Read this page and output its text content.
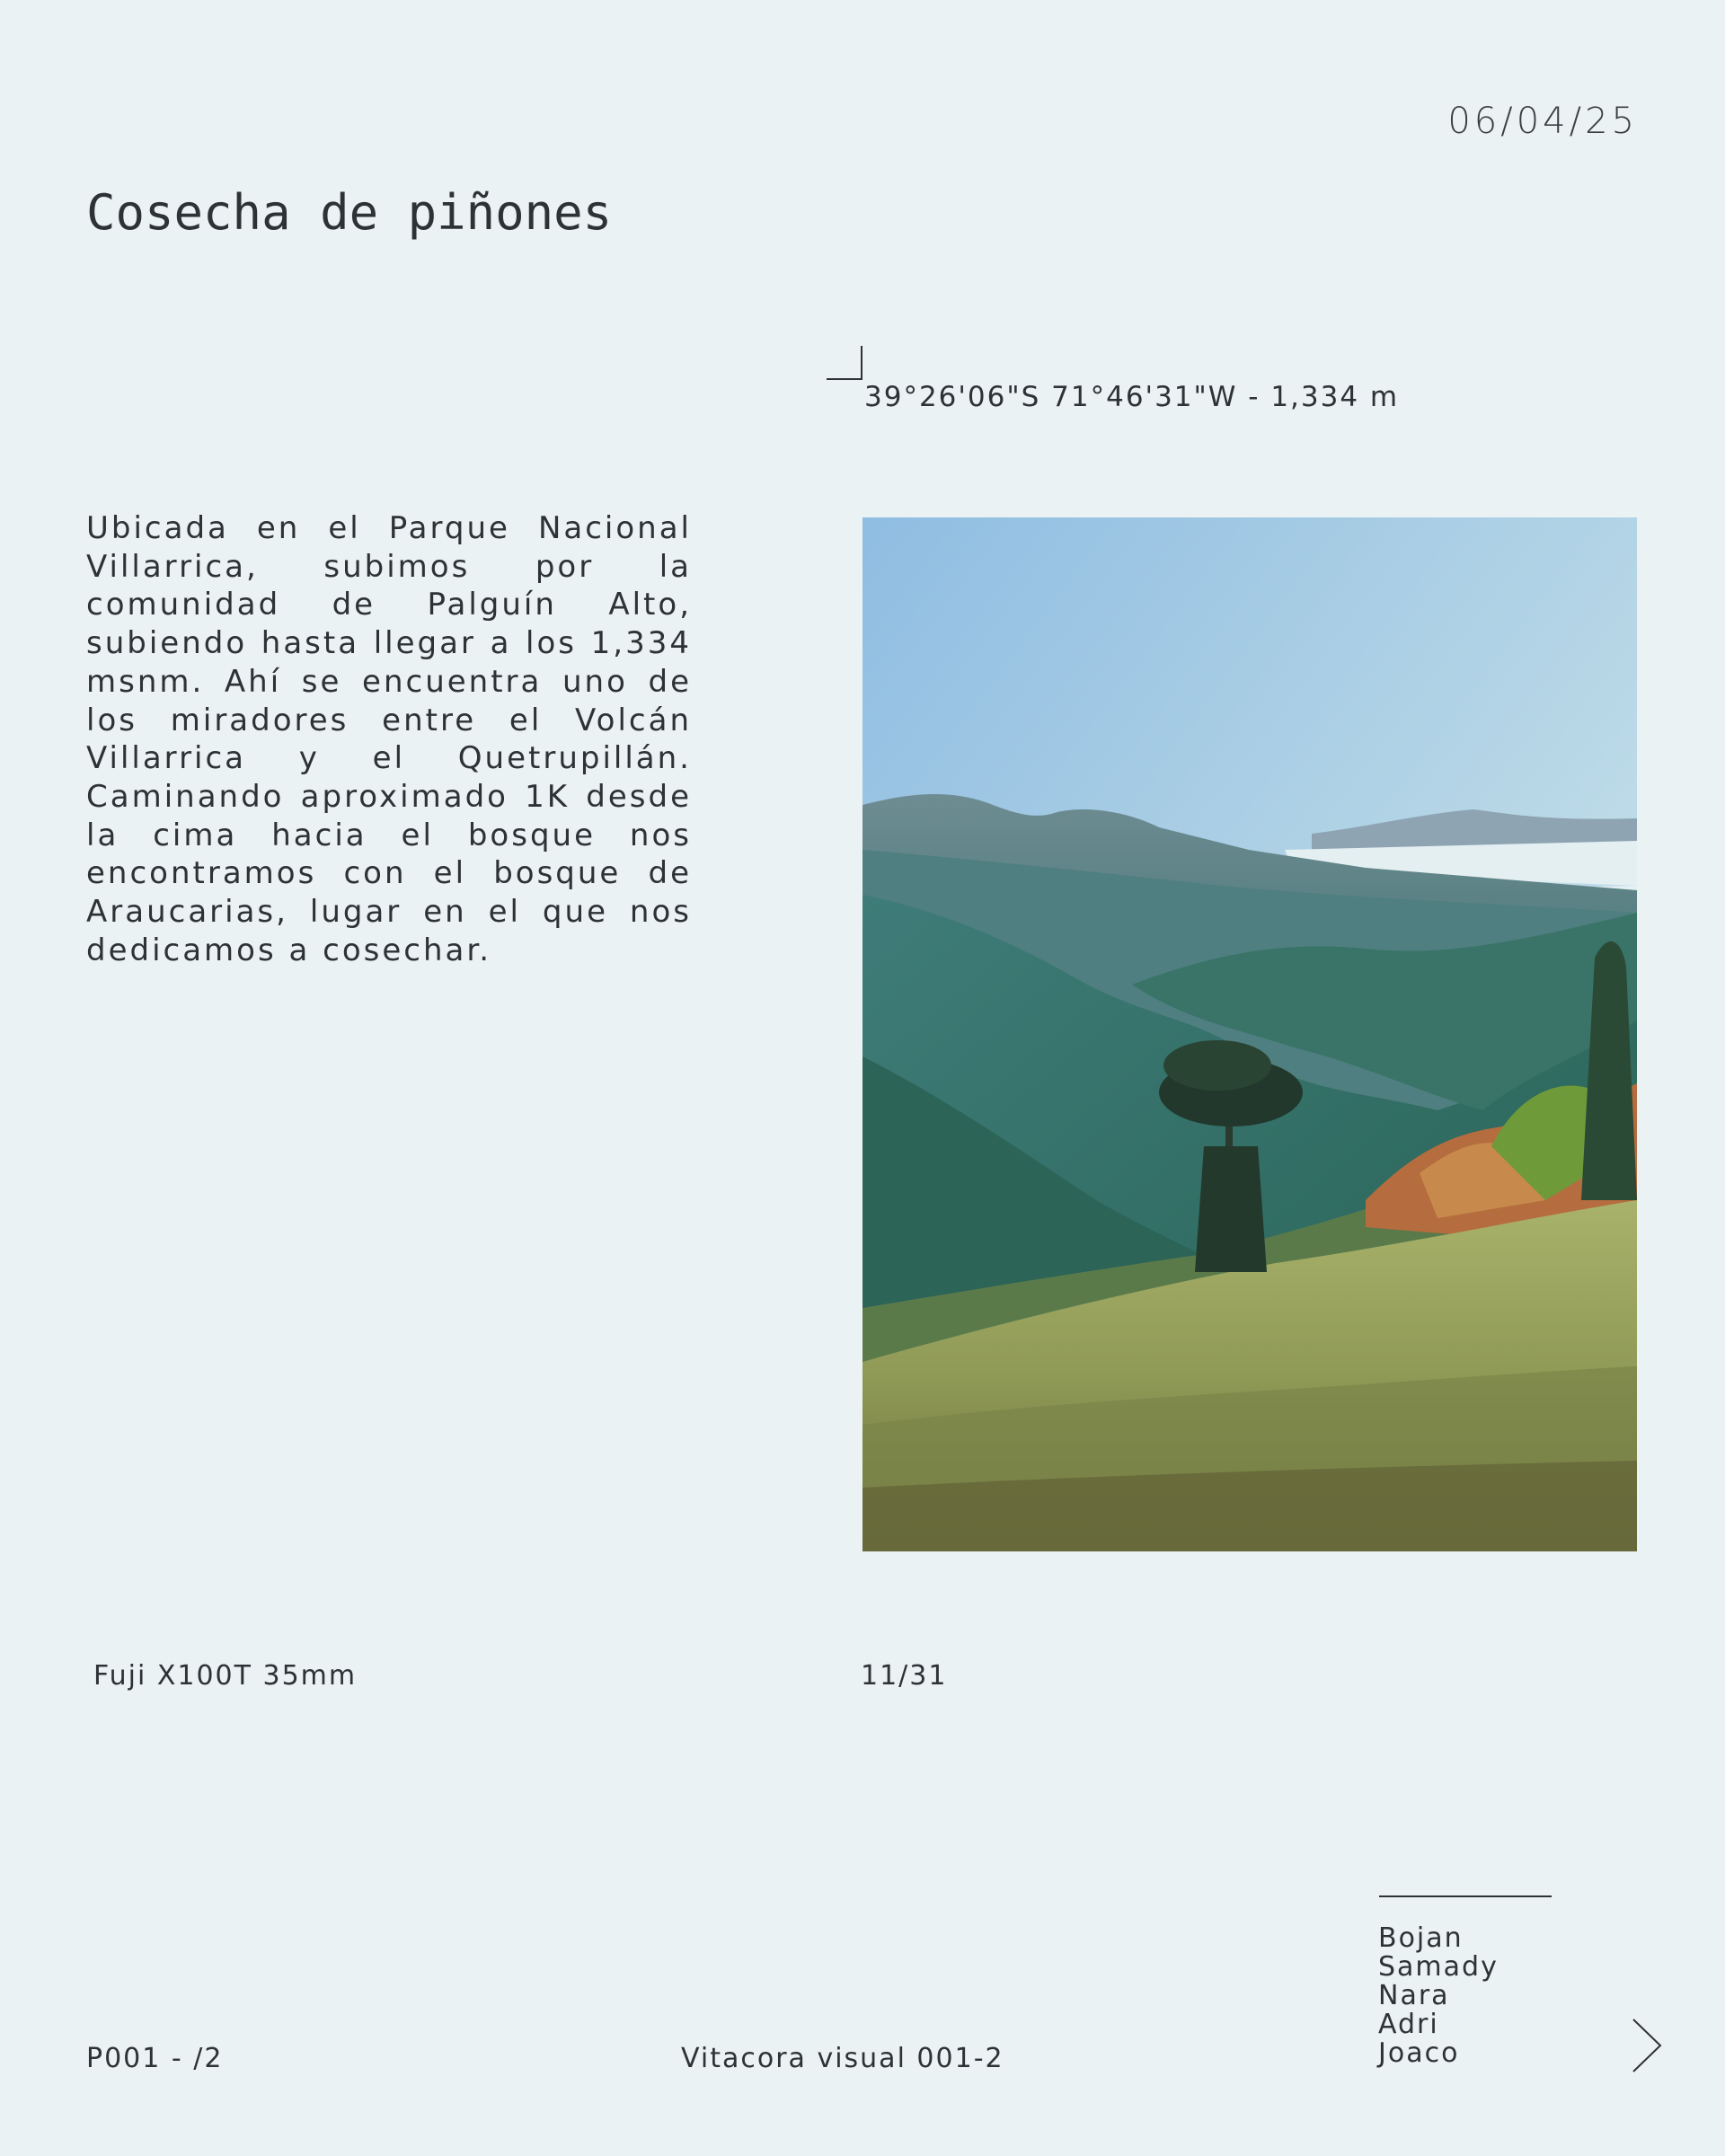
06/04/25
Cosecha de piñones
39°26'06"S 71°46'31"W - 1,334 m
Ubicada en el Parque Nacional Villarrica, subimos por la comunidad de Palguín Alto, subiendo hasta llegar a los 1,334 msnm. Ahí se encuentra uno de los miradores entre el Volcán Villarrica y el Quetrupillán. Caminando aproximado 1K desde la cima hacia el bosque nos encontramos con el bosque de Araucarias, lugar en el que nos dedicamos a cosechar.
Fuji X100T 35mm	11/31
Bojan
Samady
Nara
Adri
Joaco
P001 - /2	Vitacora visual 001-2
